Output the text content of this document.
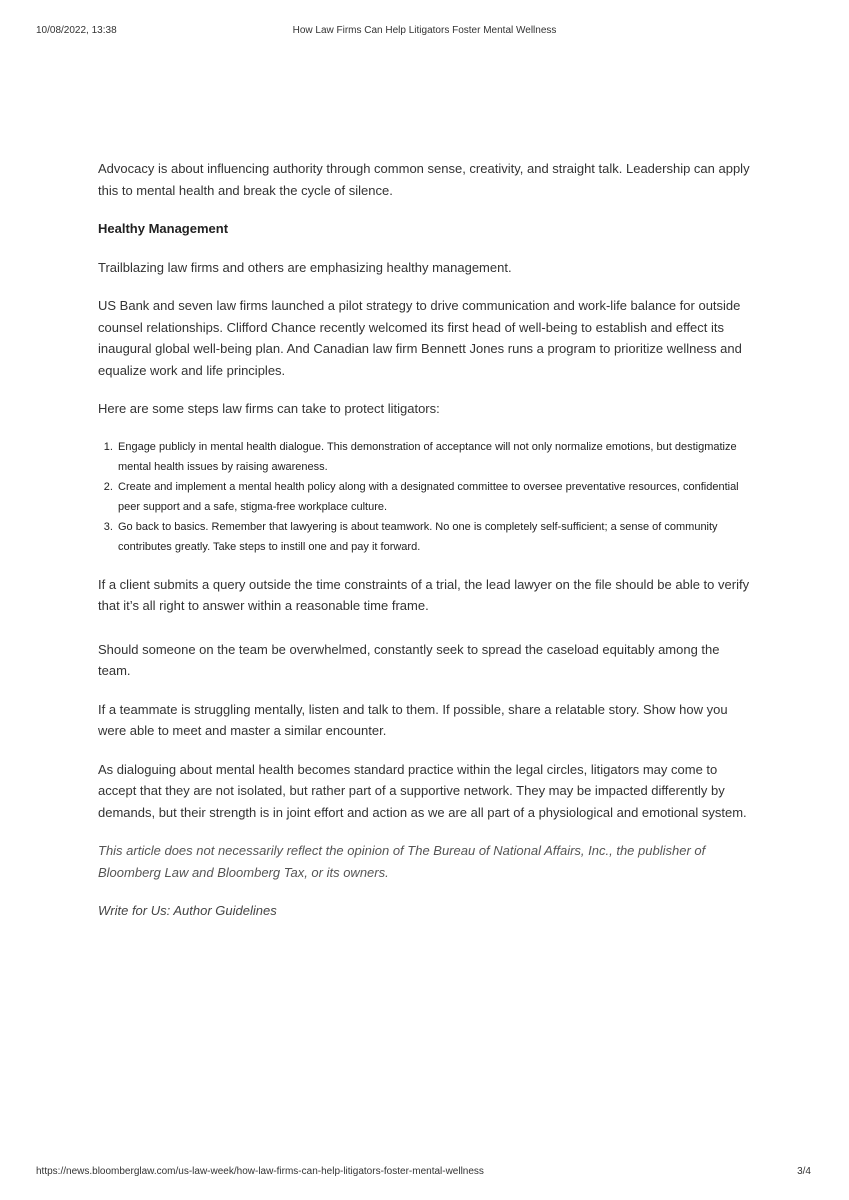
10/08/2022, 13:38	How Law Firms Can Help Litigators Foster Mental Wellness

Advocacy is about influencing authority through common sense, creativity, and straight talk. Leadership can apply this to mental health and break the cycle of silence.

Healthy Management

Trailblazing law firms and others are emphasizing healthy management.

US Bank and seven law firms launched a pilot strategy to drive communication and work-life balance for outside counsel relationships. Clifford Chance recently welcomed its first head of well-being to establish and effect its inaugural global well-being plan. And Canadian law firm Bennett Jones runs a program to prioritize wellness and equalize work and life principles.

Here are some steps law firms can take to protect litigators:

1. Engage publicly in mental health dialogue. This demonstration of acceptance will not only normalize emotions, but destigmatize mental health issues by raising awareness.
2. Create and implement a mental health policy along with a designated committee to oversee preventative resources, confidential peer support and a safe, stigma-free workplace culture.
3. Go back to basics. Remember that lawyering is about teamwork. No one is completely self-sufficient; a sense of community contributes greatly. Take steps to instill one and pay it forward.

If a client submits a query outside the time constraints of a trial, the lead lawyer on the file should be able to verify that it’s all right to answer within a reasonable time frame.

Should someone on the team be overwhelmed, constantly seek to spread the caseload equitably among the team.

If a teammate is struggling mentally, listen and talk to them. If possible, share a relatable story. Show how you were able to meet and master a similar encounter.

As dialoguing about mental health becomes standard practice within the legal circles, litigators may come to accept that they are not isolated, but rather part of a supportive network. They may be impacted differently by demands, but their strength is in joint effort and action as we are all part of a physiological and emotional system.

This article does not necessarily reflect the opinion of The Bureau of National Affairs, Inc., the publisher of Bloomberg Law and Bloomberg Tax, or its owners.

Write for Us: Author Guidelines

https://news.bloomberglaw.com/us-law-week/how-law-firms-can-help-litigators-foster-mental-wellness	3/4
